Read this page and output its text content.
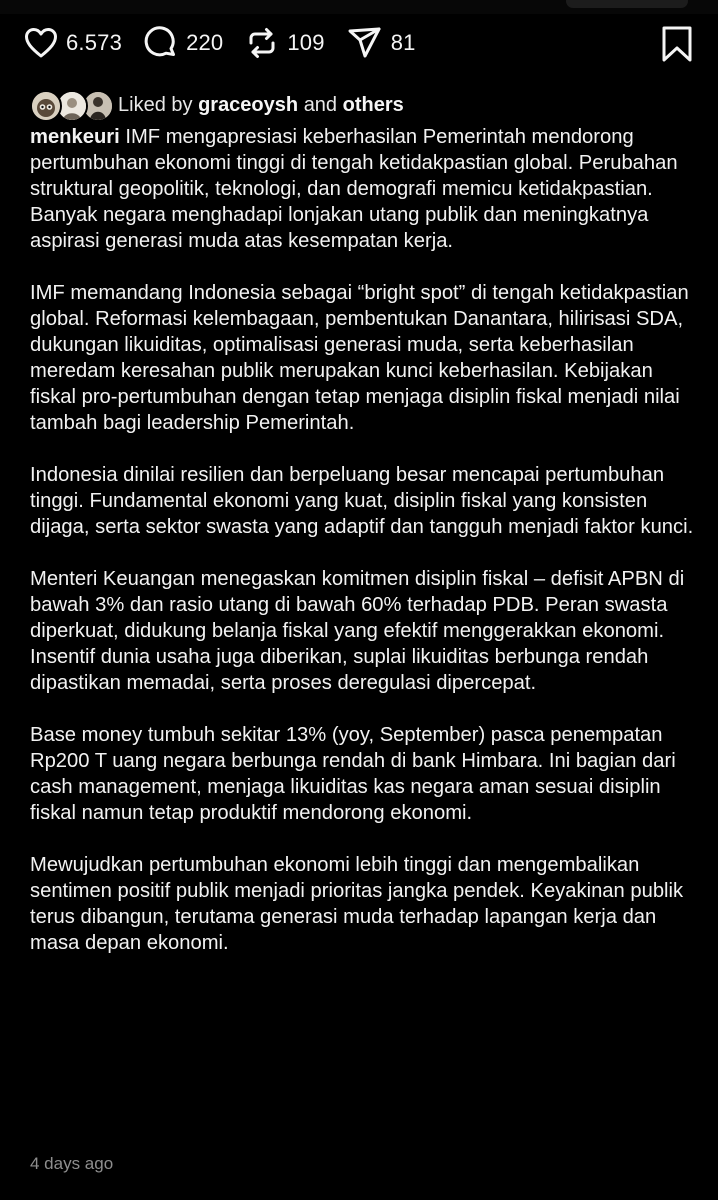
6.573	220	109	81
Liked by graceoysh and others

menkeuri IMF mengapresiasi keberhasilan Pemerintah mendorong pertumbuhan ekonomi tinggi di tengah ketidakpastian global. Perubahan struktural geopolitik, teknologi, dan demografi memicu ketidakpastian. Banyak negara menghadapi lonjakan utang publik dan meningkatnya aspirasi generasi muda atas kesempatan kerja.

IMF memandang Indonesia sebagai “bright spot” di tengah ketidakpastian global. Reformasi kelembagaan, pembentukan Danantara, hilirisasi SDA, dukungan likuiditas, optimalisasi generasi muda, serta keberhasilan meredam keresahan publik merupakan kunci keberhasilan. Kebijakan fiskal pro-pertumbuhan dengan tetap menjaga disiplin fiskal menjadi nilai tambah bagi leadership Pemerintah.

Indonesia dinilai resilien dan berpeluang besar mencapai pertumbuhan tinggi. Fundamental ekonomi yang kuat, disiplin fiskal yang konsisten dijaga, serta sektor swasta yang adaptif dan tangguh menjadi faktor kunci.

Menteri Keuangan menegaskan komitmen disiplin fiskal – defisit APBN di bawah 3% dan rasio utang di bawah 60% terhadap PDB. Peran swasta diperkuat, didukung belanja fiskal yang efektif menggerakkan ekonomi. Insentif dunia usaha juga diberikan, suplai likuiditas berbunga rendah dipastikan memadai, serta proses deregulasi dipercepat.

Base money tumbuh sekitar 13% (yoy, September) pasca penempatan Rp200 T uang negara berbunga rendah di bank Himbara. Ini bagian dari cash management, menjaga likuiditas kas negara aman sesuai disiplin fiskal namun tetap produktif mendorong ekonomi.

Mewujudkan pertumbuhan ekonomi lebih tinggi dan mengembalikan sentimen positif publik menjadi prioritas jangka pendek. Keyakinan publik terus dibangun, terutama generasi muda terhadap lapangan kerja dan masa depan ekonomi.

4 days ago
